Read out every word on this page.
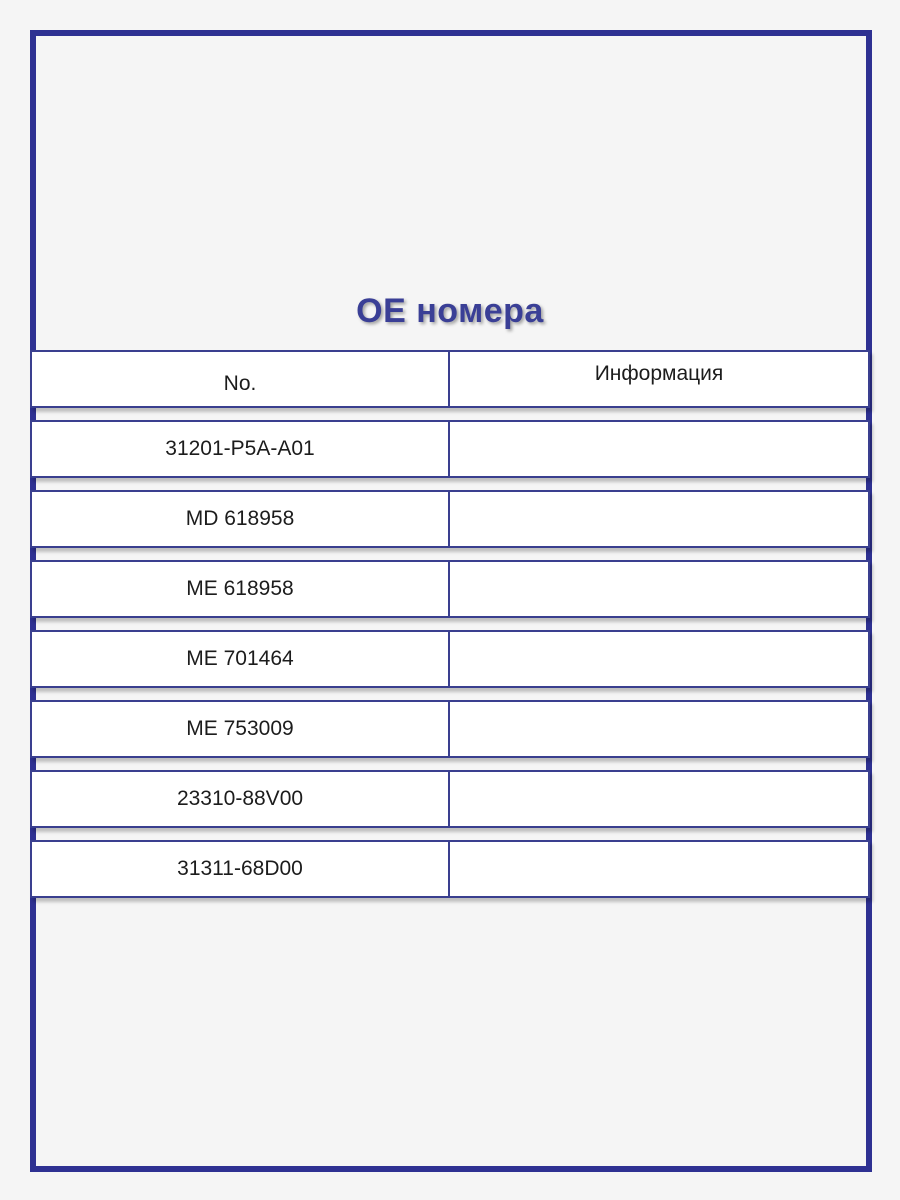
OE номера
No.	Информация
31201-P5A-A01
MD 618958
ME 618958
ME 701464
ME 753009
23310-88V00
31311-68D00
